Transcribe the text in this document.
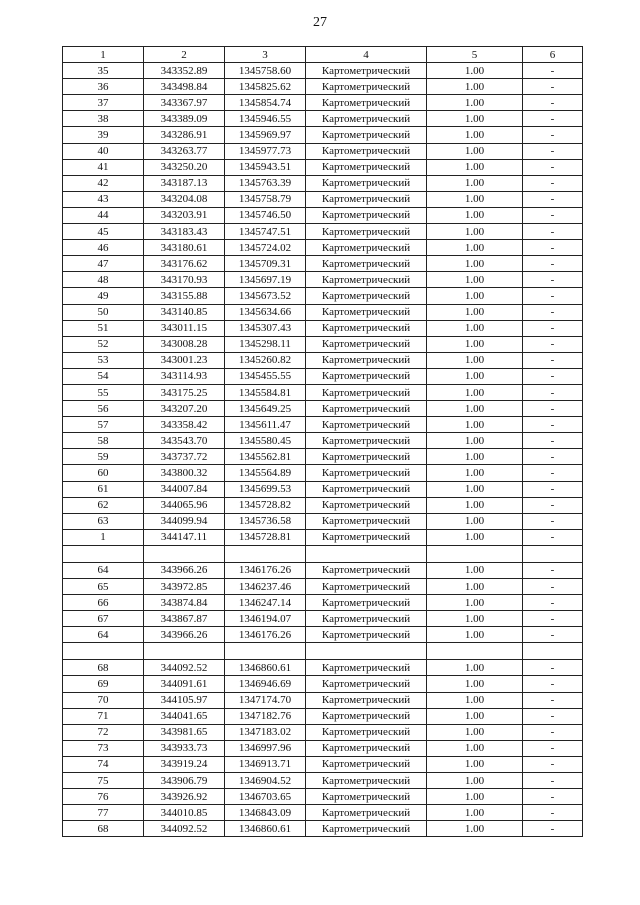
27
1	2	3	4	5	6
35	343352.89	1345758.60	Картометрический	1.00	-
36	343498.84	1345825.62	Картометрический	1.00	-
37	343367.97	1345854.74	Картометрический	1.00	-
38	343389.09	1345946.55	Картометрический	1.00	-
39	343286.91	1345969.97	Картометрический	1.00	-
40	343263.77	1345977.73	Картометрический	1.00	-
41	343250.20	1345943.51	Картометрический	1.00	-
42	343187.13	1345763.39	Картометрический	1.00	-
43	343204.08	1345758.79	Картометрический	1.00	-
44	343203.91	1345746.50	Картометрический	1.00	-
45	343183.43	1345747.51	Картометрический	1.00	-
46	343180.61	1345724.02	Картометрический	1.00	-
47	343176.62	1345709.31	Картометрический	1.00	-
48	343170.93	1345697.19	Картометрический	1.00	-
49	343155.88	1345673.52	Картометрический	1.00	-
50	343140.85	1345634.66	Картометрический	1.00	-
51	343011.15	1345307.43	Картометрический	1.00	-
52	343008.28	1345298.11	Картометрический	1.00	-
53	343001.23	1345260.82	Картометрический	1.00	-
54	343114.93	1345455.55	Картометрический	1.00	-
55	343175.25	1345584.81	Картометрический	1.00	-
56	343207.20	1345649.25	Картометрический	1.00	-
57	343358.42	1345611.47	Картометрический	1.00	-
58	343543.70	1345580.45	Картометрический	1.00	-
59	343737.72	1345562.81	Картометрический	1.00	-
60	343800.32	1345564.89	Картометрический	1.00	-
61	344007.84	1345699.53	Картометрический	1.00	-
62	344065.96	1345728.82	Картометрический	1.00	-
63	344099.94	1345736.58	Картометрический	1.00	-
1	344147.11	1345728.81	Картометрический	1.00	-

64	343966.26	1346176.26	Картометрический	1.00	-
65	343972.85	1346237.46	Картометрический	1.00	-
66	343874.84	1346247.14	Картометрический	1.00	-
67	343867.87	1346194.07	Картометрический	1.00	-
64	343966.26	1346176.26	Картометрический	1.00	-

68	344092.52	1346860.61	Картометрический	1.00	-
69	344091.61	1346946.69	Картометрический	1.00	-
70	344105.97	1347174.70	Картометрический	1.00	-
71	344041.65	1347182.76	Картометрический	1.00	-
72	343981.65	1347183.02	Картометрический	1.00	-
73	343933.73	1346997.96	Картометрический	1.00	-
74	343919.24	1346913.71	Картометрический	1.00	-
75	343906.79	1346904.52	Картометрический	1.00	-
76	343926.92	1346703.65	Картометрический	1.00	-
77	344010.85	1346843.09	Картометрический	1.00	-
68	344092.52	1346860.61	Картометрический	1.00	-
